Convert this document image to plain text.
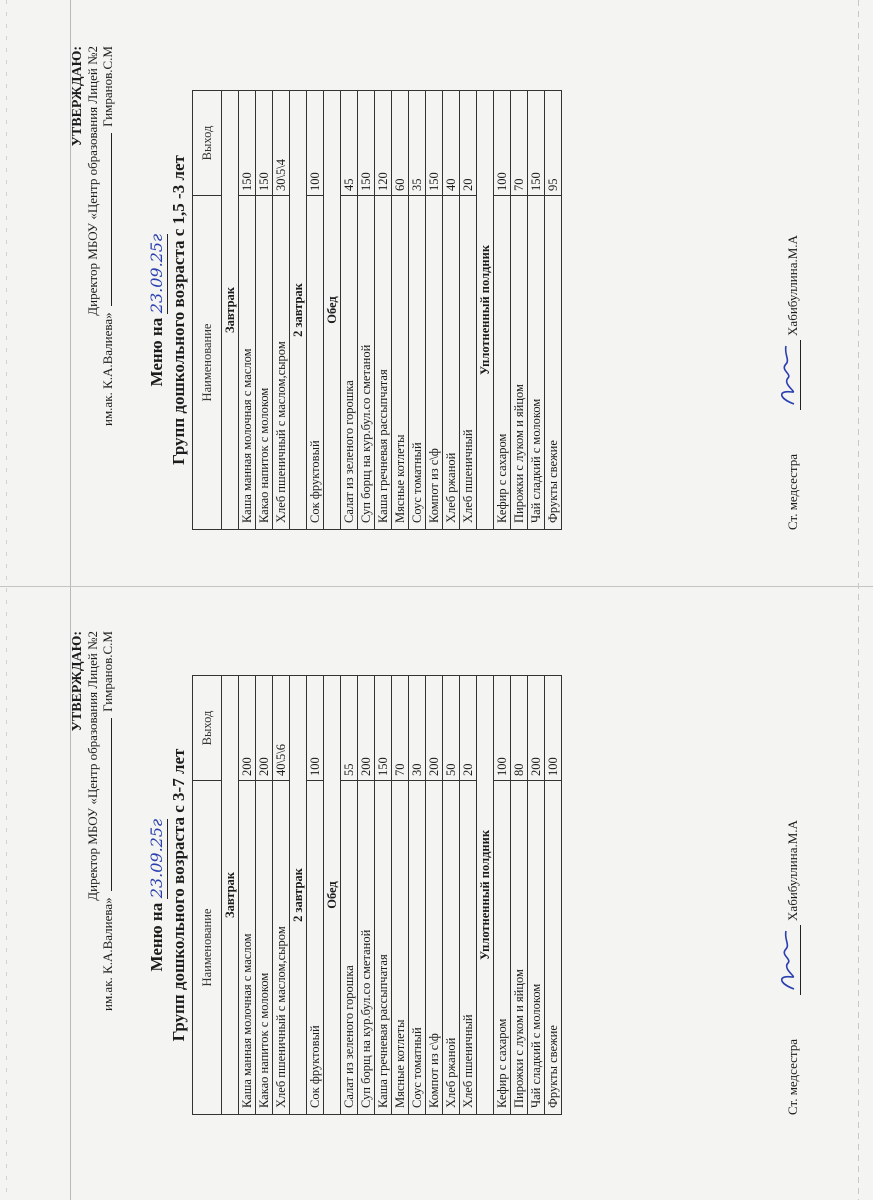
УТВЕРЖДАЮ: Директор МБОУ «Центр образования Лицей №2
им.ак. К.А.Валиева»
Гимранов.С.М
Меню на 23.09.25г Групп дошкольного возраста с 1,5 -3 лет Наименование	Выход
Завтрак	
Каша манная молочная с маслом	150
Какао напиток с молоком	150
Хлеб пшеничный с маслом,сыром	30\5\4
2 завтрак	
Сок фруктовый	100
Обед	
Салат из зеленого горошка	45
Суп борщ на кур.бул.со сметаной	150
Каша гречневая рассыпчатая	120
Мясные котлеты	60
Соус томатный	35
Компот из с\ф	150
Хлеб ржаной	40
Хлеб пшеничный	20
Уплотненный полдник	
Кефир с сахаром	100
Пирожки с луком и яйцом	70
Чай сладкий с молоком	150
Фрукты свежие	95
Ст. медсестра
Хабибуллина.М.А
УТВЕРЖДАЮ: Директор МБОУ «Центр образования Лицей №2
им.ак. К.А.Валиева»
Гимранов.С.М
Меню на 23.09.25г Групп дошкольного возраста с 3-7 лет Наименование	Выход
Завтрак	
Каша манная молочная с маслом	200
Какао напиток с молоком	200
Хлеб пшеничный с маслом,сыром	40\5\6
2 завтрак	
Сок фруктовый	100
Обед	
Салат из зеленого горошка	55
Суп борщ на кур.бул.со сметаной	200
Каша гречневая рассыпчатая	150
Мясные котлеты	70
Соус томатный	30
Компот из с\ф	200
Хлеб ржаной	50
Хлеб пшеничный	20
Уплотненный полдник	
Кефир с сахаром	100
Пирожки с луком и яйцом	80
Чай сладкий с молоком	200
Фрукты свежие	100
Ст. медсестра
Хабибуллина.М.А
